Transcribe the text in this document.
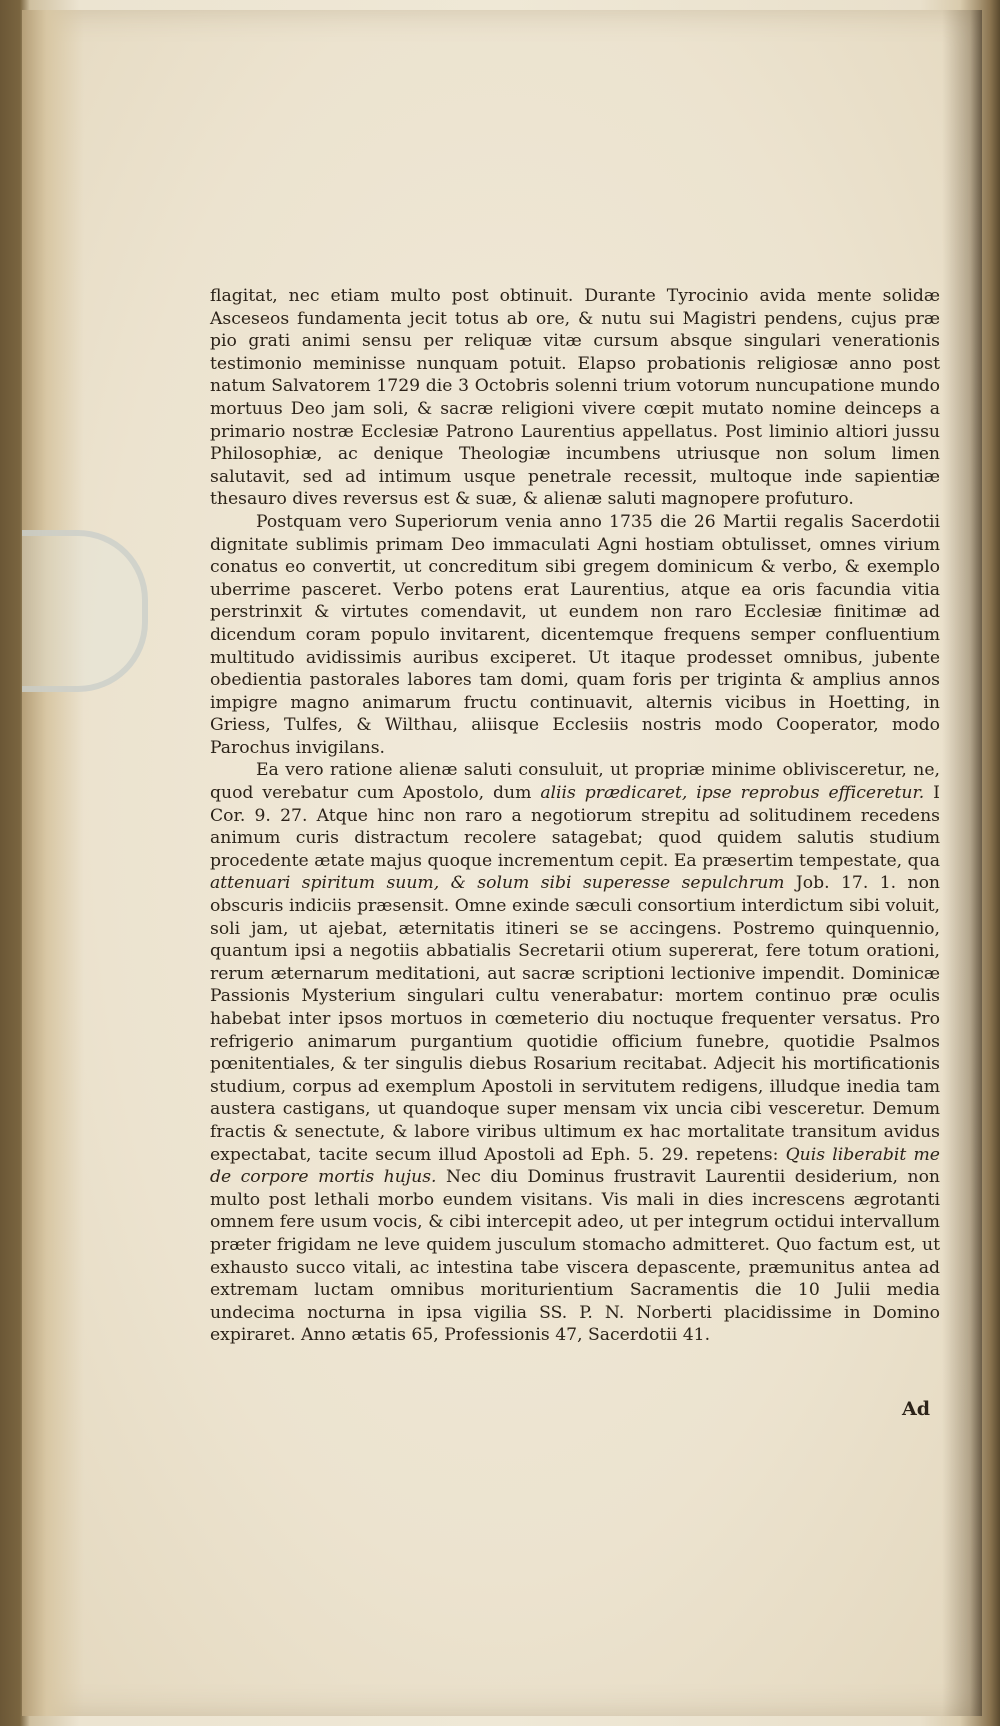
flagitat, nec etiam multo post obtinuit. Durante Tyrocinio avida mente solidæ Asceseos fundamenta jecit totus ab ore, & nutu sui Magistri pendens, cujus præ pio grati animi sensu per reliquæ vitæ cursum absque singulari venerationis testimonio meminisse nunquam potuit. Elapso probationis religiosæ anno post natum Salvatorem 1729 die 3 Octobris solenni trium votorum nuncupatione mundo mortuus Deo jam soli, & sacræ religioni vivere cœpit mutato nomine deinceps a primario nostræ Ecclesiæ Patrono Laurentius appellatus. Post liminio altiori jussu Philosophiæ, ac denique Theologiæ incumbens utriusque non solum limen salutavit, sed ad intimum usque penetrale recessit, multoque inde sapientiæ thesauro dives reversus est & suæ, & alienæ saluti magnopere profuturo.

Postquam vero Superiorum venia anno 1735 die 26 Martii regalis Sacerdotii dignitate sublimis primam Deo immaculati Agni hostiam obtulisset, omnes virium conatus eo convertit, ut concreditum sibi gregem dominicum & verbo, & exemplo uberrime pasceret. Verbo potens erat Laurentius, atque ea oris facundia vitia perstrinxit & virtutes comendavit, ut eundem non raro Ecclesiæ finitimæ ad dicendum coram populo invitarent, dicentemque frequens semper confluentium multitudo avidissimis auribus exciperet. Ut itaque prodesset omnibus, jubente obedientia pastorales labores tam domi, quam foris per triginta & amplius annos impigre magno animarum fructu continuavit, alternis vicibus in Hoetting, in Griess, Tulfes, & Wilthau, aliisque Ecclesiis nostris modo Cooperator, modo Parochus invigilans.

Ea vero ratione alienæ saluti consuluit, ut propriæ minime oblivisceretur, ne, quod verebatur cum Apostolo, dum aliis prædicaret, ipse reprobus efficeretur. I Cor. 9. 27. Atque hinc non raro a negotiorum strepitu ad solitudinem recedens animum curis distractum recolere satagebat; quod quidem salutis studium procedente ætate majus quoque incrementum cepit. Ea præsertim tempestate, qua attenuari spiritum suum, & solum sibi superesse sepulchrum Job. 17. 1. non obscuris indiciis præsensit. Omne exinde sæculi consortium interdictum sibi voluit, soli jam, ut ajebat, æternitatis itineri se se accingens. Postremo quinquennio, quantum ipsi a negotiis abbatialis Secretarii otium supererat, fere totum orationi, rerum æternarum meditationi, aut sacræ scriptioni lectionive impendit. Dominicæ Passionis Mysterium singulari cultu venerabatur: mortem continuo præ oculis habebat inter ipsos mortuos in cœmeterio diu noctuque frequenter versatus. Pro refrigerio animarum purgantium quotidie officium funebre, quotidie Psalmos pœnitentiales, & ter singulis diebus Rosarium recitabat. Adjecit his mortificationis studium, corpus ad exemplum Apostoli in servitutem redigens, illudque inedia tam austera castigans, ut quandoque super mensam vix uncia cibi vesceretur. Demum fractis & senectute, & labore viribus ultimum ex hac mortalitate transitum avidus expectabat, tacite secum illud Apostoli ad Eph. 5. 29. repetens: Quis liberabit me de corpore mortis hujus. Nec diu Dominus frustravit Laurentii desiderium, non multo post lethali morbo eundem visitans. Vis mali in dies increscens ægrotanti omnem fere usum vocis, & cibi intercepit adeo, ut per integrum octidui intervallum præter frigidam ne leve quidem jusculum stomacho admitteret. Quo factum est, ut exhausto succo vitali, ac intestina tabe viscera depascente, præmunitus antea ad extremam luctam omnibus moriturientium Sacramentis die 10 Julii media undecima nocturna in ipsa vigilia SS. P. N. Norberti placidissime in Domino expiraret. Anno ætatis 65, Professionis 47, Sacerdotii 41.

Ad
